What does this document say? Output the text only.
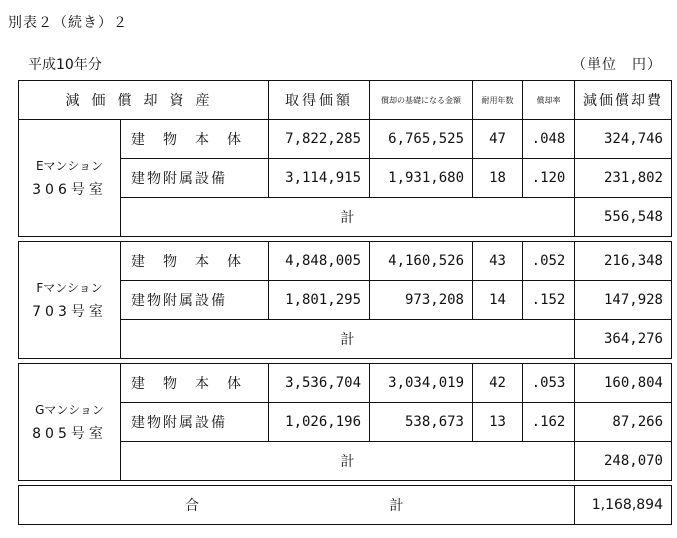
別表２（続き）２
平成10年分	（単位　円）
減価償却資産		取得価額	償却の基礎になる金額	耐用年数	償却率	減価償却費

Eマンション
306号室	建物本体	7,822,285	6,765,525	47	.048	324,746
	建物附属設備	3,114,915	1,931,680	18	.120	231,802
	計					556,548

Fマンション
703号室	建物本体	4,848,005	4,160,526	43	.052	216,348
	建物附属設備	1,801,295	973,208	14	.152	147,928
	計					364,276

Gマンション
805号室	建物本体	3,536,704	3,034,019	42	.053	160,804
	建物附属設備	1,026,196	538,673	13	.162	87,266
	計					248,070

合 計						1,168,894
